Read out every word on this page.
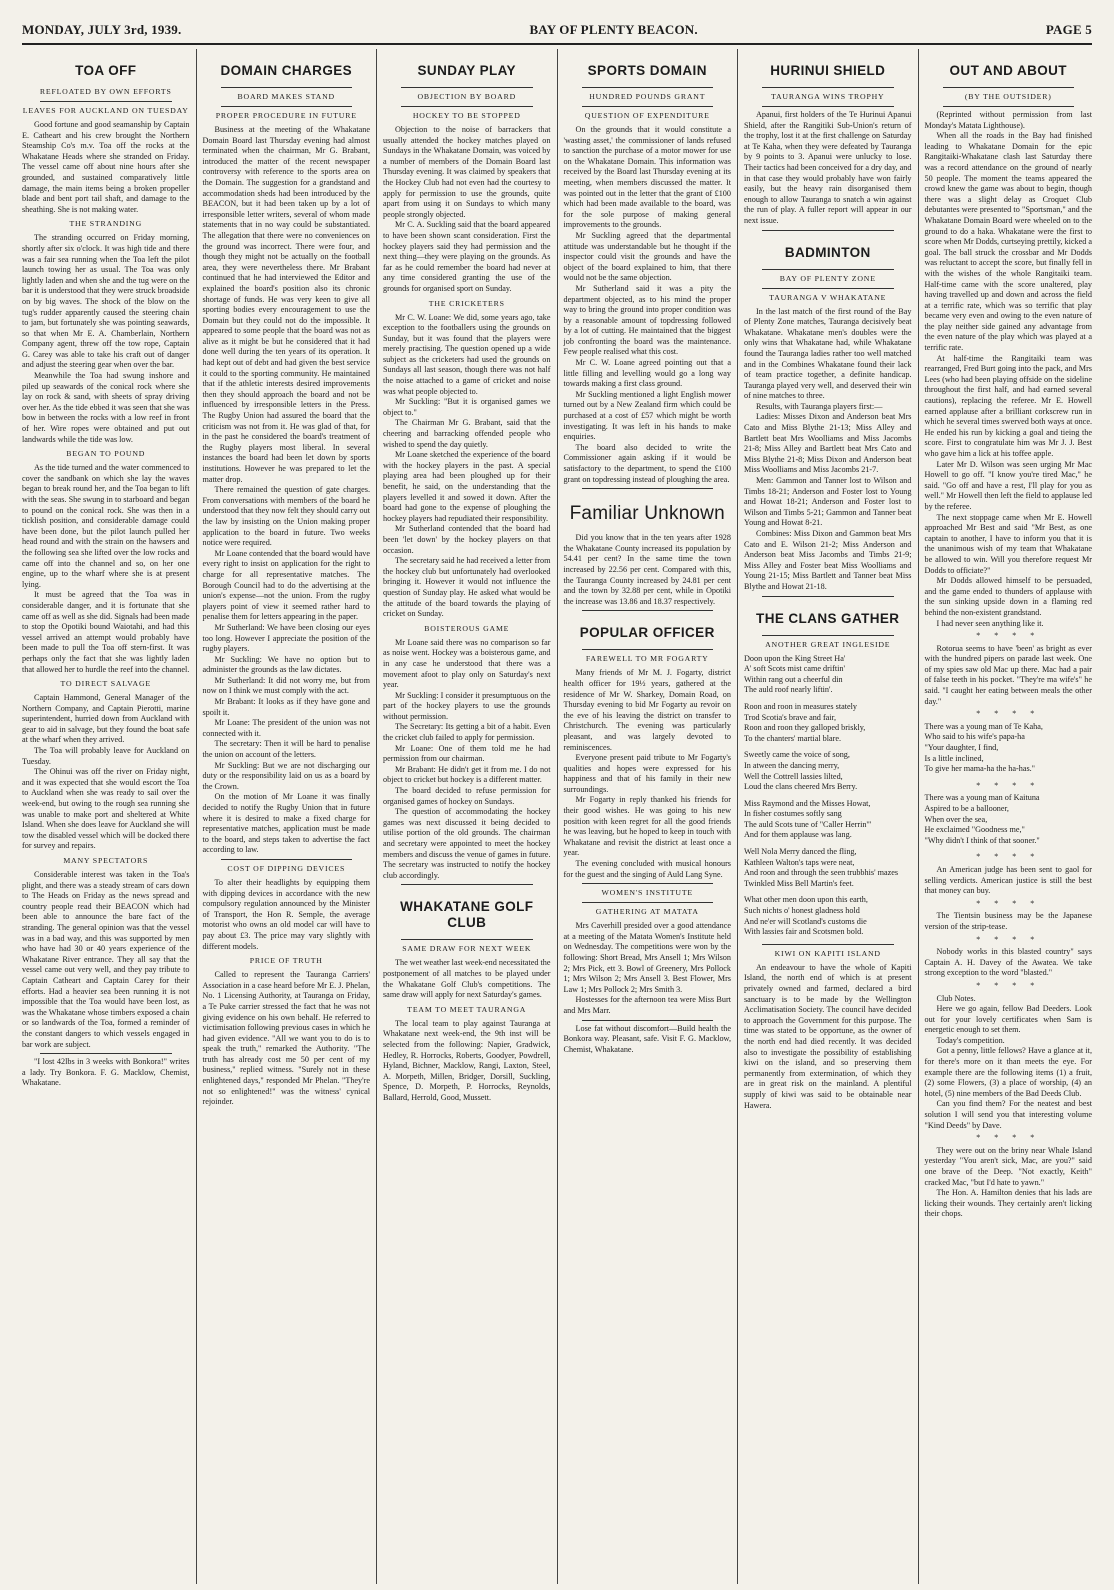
MONDAY, JULY 3rd, 1939.	BAY OF PLENTY BEACON.	PAGE 5
TOA OFF
REFLOATED BY OWN EFFORTS
LEAVES FOR AUCKLAND ON TUESDAY

Good fortune and good seamanship by Captain E. Catheart and his crew brought the Northern Steamship Co's m.v. Toa off the rocks at the Whakatane Heads where she stranded on Friday. The vessel came off about nine hours after she grounded, and sustained comparatively little damage, the main items being a broken propeller blade and bent port tail shaft, and damage to the sheathing. She is not making water.

THE STRANDING

The stranding occurred on Friday morning, shortly after six o'clock. It was high tide and there was a fair sea running when the Toa left the pilot launch towing her as usual. The Toa was only lightly laden and when she and the tug were on the bar it is understood that they were struck broadside on by big waves. The shock of the blow on the tug's rudder apparently caused the steering chain to jam, but fortunately she was pointing seawards, so that when Mr E. A. Chamberlain, Northern Company agent, threw off the tow rope, Captain G. Carey was able to take his craft out of danger and adjust the steering gear when over the bar.

Meanwhile the Toa had swung inshore and piled up seawards of the conical rock where she lay on rock & sand, with sheets of spray driving over her. As the tide ebbed it was seen that she was bow in between the rocks with a low reef in front of her. Wire ropes were obtained and put out landwards while the tide was low.

BEGAN TO POUND

As the tide turned and the water commenced to cover the sandbank on which she lay the waves began to break round her, and the Toa began to lift with the seas. She swung in to starboard and began to pound on the conical rock. She was then in a ticklish position, and considerable damage could have been done, but the pilot launch pulled her head round and with the strain on the hawsers and the following sea she lifted over the low rocks and came off into the channel and so, on her one engine, up to the wharf where she is at present lying.

It must be agreed that the Toa was in considerable danger, and it is fortunate that she came off as well as she did. Signals had been made to stop the Opotiki bound Waiotahi, and had this vessel arrived an attempt would probably have been made to pull the Toa off stern-first. It was perhaps only the fact that she was lightly laden that allowed her to hurdle the reef into the channel.

TO DIRECT SALVAGE

Captain Hammond, General Manager of the Northern Company, and Captain Pierotti, marine superintendent, hurried down from Auckland with gear to aid in salvage, but they found the boat safe at the wharf when they arrived.

The Toa will probably leave for Auckland on Tuesday.

The Ohinui was off the river on Friday night, and it was expected that she would escort the Toa to Auckland when she was ready to sail over the week-end, but owing to the rough sea running she was unable to make port and sheltered at White Island. When she does leave for Auckland she will tow the disabled vessel which will be docked there for survey and repairs.

MANY SPECTATORS

Considerable interest was taken in the Toa's plight, and there was a steady stream of cars down to The Heads on Friday as the news spread and country people read their BEACON which had been able to announce the bare fact of the stranding. The general opinion was that the vessel was in a bad way, and this was supported by men who have had 30 or 40 years experience of the Whakatane River entrance. They all say that the vessel came out very well, and they pay tribute to Captain Catheart and Captain Carey for their efforts. Had a heavier sea been running it is not impossible that the Toa would have been lost, as was the Whakatane whose timbers exposed a chain or so landwards of the Toa, formed a reminder of the constant dangers to which vessels engaged in bar work are subject.

"I lost 42lbs in 3 weeks with Bonkora!" writes a lady. Try Bonkora. F. G. Macklow, Chemist, Whakatane.

DOMAIN CHARGES
BOARD MAKES STAND
PROPER PROCEDURE IN FUTURE

Business at the meeting of the Whakatane Domain Board last Thursday evening had almost terminated when the chairman, Mr G. Brabant, introduced the matter of the recent newspaper controversy with reference to the sports area on the Domain. The suggestion for a grandstand and accommodation sheds had been introduced by the BEACON, but it had been taken up by a lot of irresponsible letter writers, several of whom made statements that in no way could be substantiated. The allegation that there were no conveniences on the ground was incorrect. There were four, and though they might not be actually on the football area, they were nevertheless there. Mr Brabant continued that he had interviewed the Editor and explained the board's position also its chronic shortage of funds. He was very keen to give all sporting bodies every encouragement to use the Domain but they could not do the impossible. It appeared to some people that the board was not as alive as it might be but he considered that it had done well during the ten years of its operation. It had kept out of debt and had given the best service it could to the sporting community. He maintained that if the athletic interests desired improvements then they should approach the board and not be influenced by irresponsible letters in the Press. The Rugby Union had assured the board that the criticism was not from it. He was glad of that, for in the past he considered the board's treatment of the Rugby players most liberal. In several instances the board had been let down by sports institutions. However he was prepared to let the matter drop.

There remained the question of gate charges. From conversations with members of the board he understood that they now felt they should carry out the law by insisting on the Union making proper application to the board in future. Two weeks notice were required.

Mr Loane contended that the board would have every right to insist on application for the right to charge for all representative matches. The Borough Council had to do the advertising at the union's expense—not the union. From the rugby players point of view it seemed rather hard to penalise them for letters appearing in the paper.

Mr Sutherland: We have been closing our eyes too long. However I appreciate the position of the rugby players.

Mr Suckling: We have no option but to administer the grounds as the law dictates.

Mr Sutherland: It did not worry me, but from now on I think we must comply with the act.

Mr Brabant: It looks as if they have gone and spoilt it.

Mr Loane: The president of the union was not connected with it.

The secretary: Then it will be hard to penalise the union on account of the letters.

Mr Suckling: But we are not discharging our duty or the responsibility laid on us as a board by the Crown.

On the motion of Mr Loane it was finally decided to notify the Rugby Union that in future where it is desired to make a fixed charge for representative matches, application must be made to the board, and steps taken to advertise the fact according to law.

COST OF DIPPING DEVICES

To alter their headlights by equipping them with dipping devices in accordance with the new compulsory regulation announced by the Minister of Transport, the Hon R. Semple, the average motorist who owns an old model car will have to pay about £3. The price may vary slightly with different models.

PRICE OF TRUTH

Called to represent the Tauranga Carriers' Association in a case heard before Mr E. J. Phelan, No. 1 Licensing Authority, at Tauranga on Friday, a Te Puke carrier stressed the fact that he was not giving evidence on his own behalf. He referred to victimisation following previous cases in which he had given evidence. "All we want you to do is to speak the truth," remarked the Authority. "The truth has already cost me 50 per cent of my business," replied witness. "Surely not in these enlightened days," responded Mr Phelan. "They're not so enlightened!" was the witness' cynical rejoinder.

SUNDAY PLAY
OBJECTION BY BOARD
HOCKEY TO BE STOPPED

Objection to the noise of barrackers that usually attended the hockey matches played on Sundays in the Whakatane Domain, was voiced by a number of members of the Domain Board last Thursday evening. It was claimed by speakers that the Hockey Club had not even had the courtesy to apply for permission to use the grounds, quite apart from using it on Sundays to which many people strongly objected.

Mr C. A. Suckling said that the board appeared to have been shown scant consideration. First the hockey players said they had permission and the next thing—they were playing on the grounds. As far as he could remember the board had never at any time considered granting the use of the grounds for organised sport on Sunday.

THE CRICKETERS

Mr C. W. Loane: We did, some years ago, take exception to the footballers using the grounds on Sunday, but it was found that the players were merely practising. The question opened up a wide subject as the cricketers had used the grounds on Sundays all last season, though there was not half the noise attached to a game of cricket and noise was what people objected to.

Mr Suckling: "But it is organised games we object to."

The Chairman Mr G. Brabant, said that the cheering and barracking offended people who wished to spend the day quietly.

Mr Loane sketched the experience of the board with the hockey players in the past. A special playing area had been ploughed up for their benefit, he said, on the understanding that the players levelled it and sowed it down. After the board had gone to the expense of ploughing the hockey players had repudiated their responsibility.

Mr Sutherland contended that the board had been 'let down' by the hockey players on that occasion.

The secretary said he had received a letter from the hockey club but unfortunately had overlooked bringing it. However it would not influence the question of Sunday play. He asked what would be the attitude of the board towards the playing of cricket on Sunday.

BOISTEROUS GAME

Mr Loane said there was no comparison so far as noise went. Hockey was a boisterous game, and in any case he understood that there was a movement afoot to play only on Saturday's next year.

Mr Suckling: I consider it presumptuous on the part of the hockey players to use the grounds without permission.

The Secretary: Its getting a bit of a habit. Even the cricket club failed to apply for permission.

Mr Loane: One of them told me he had permission from our chairman.

Mr Brabant: He didn't get it from me. I do not object to cricket but hockey is a different matter.

The board decided to refuse permission for organised games of hockey on Sundays.

The question of accommodating the hockey games was next discussed it being decided to utilise portion of the old grounds. The chairman and secretary were appointed to meet the hockey members and discuss the venue of games in future. The secretary was instructed to notify the hockey club accordingly.

WHAKATANE GOLF CLUB
SAME DRAW FOR NEXT WEEK

The wet weather last week-end necessitated the postponement of all matches to be played under the Whakatane Golf Club's competitions. The same draw will apply for next Saturday's games.

TEAM TO MEET TAURANGA

The local team to play against Tauranga at Whakatane next week-end, the 9th inst will be selected from the following: Napier, Gradwick, Hedley, R. Horrocks, Roberts, Goodyer, Powdrell, Hyland, Bichner, Macklow, Rangi, Laxton, Steel, A. Morpeth, Millen, Bridger, Dorsill, Suckling, Spence, D. Morpeth, P. Horrocks, Reynolds, Ballard, Herrold, Good, Mussett.

SPORTS DOMAIN
HUNDRED POUNDS GRANT
QUESTION OF EXPENDITURE

On the grounds that it would constitute a 'wasting asset,' the commissioner of lands refused to sanction the purchase of a motor mower for use on the Whakatane Domain. This information was received by the Board last Thursday evening at its meeting, when members discussed the matter. It was pointed out in the letter that the grant of £100 which had been made available to the board, was for the sole purpose of making general improvements to the grounds.

Mr Suckling agreed that the departmental attitude was understandable but he thought if the inspector could visit the grounds and have the object of the board explained to him, that there would not be the same objection.

Mr Sutherland said it was a pity the department objected, as to his mind the proper way to bring the ground into proper condition was by a reasonable amount of topdressing followed by a lot of cutting. He maintained that the biggest job confronting the board was the maintenance. Few people realised what this cost.

Mr C. W. Loane agreed pointing out that a little filling and levelling would go a long way towards making a first class ground.

Mr Suckling mentioned a light English mower turned out by a New Zealand firm which could be purchased at a cost of £57 which might be worth investigating. It was left in his hands to make enquiries.

The board also decided to write the Commissioner again asking if it would be satisfactory to the department, to spend the £100 grant on topdressing instead of ploughing the area.

Familiar Unknown

Did you know that in the ten years after 1928 the Whakatane County increased its population by 54.41 per cent? In the same time the town increased by 22.56 per cent. Compared with this, the Tauranga County increased by 24.81 per cent and the town by 32.88 per cent, while in Opotiki the increase was 13.86 and 18.37 respectively.

POPULAR OFFICER
FAREWELL TO MR FOGARTY

Many friends of Mr M. J. Fogarty, district health officer for 19½ years, gathered at the residence of Mr W. Sharkey, Domain Road, on Thursday evening to bid Mr Fogarty au revoir on the eve of his leaving the district on transfer to Christchurch. The evening was particularly pleasant, and was largely devoted to reminiscences.

Everyone present paid tribute to Mr Fogarty's qualities and hopes were expressed for his happiness and that of his family in their new surroundings.

Mr Fogarty in reply thanked his friends for their good wishes. He was going to his new position with keen regret for all the good friends he was leaving, but he hoped to keep in touch with Whakatane and revisit the district at least once a year.

The evening concluded with musical honours for the guest and the singing of Auld Lang Syne.

WOMEN'S INSTITUTE
GATHERING AT MATATA

Mrs Caverhill presided over a good attendance at a meeting of the Matata Women's Institute held on Wednesday. The competitions were won by the following: Short Bread, Mrs Ansell 1; Mrs Wilson 2; Mrs Pick, ett 3. Bowl of Greenery, Mrs Pollock 1; Mrs Wilson 2; Mrs Ansell 3. Best Flower, Mrs Law 1; Mrs Pollock 2; Mrs Smith 3.

Hostesses for the afternoon tea were Miss Burt and Mrs Marr.

Lose fat without discomfort—Build health the Bonkora way. Pleasant, safe. Visit F. G. Macklow, Chemist, Whakatane.

HURINUI SHIELD
TAURANGA WINS TROPHY

Apanui, first holders of the Te Hurinui Apanui Shield, after the Rangitiki Sub-Union's return of the trophy, lost it at the first challenge on Saturday at Te Kaha, when they were defeated by Tauranga by 9 points to 3. Apanui were unlucky to lose. Their tactics had been conceived for a dry day, and in that case they would probably have won fairly easily, but the heavy rain disorganised them enough to allow Tauranga to snatch a win against the run of play. A fuller report will appear in our next issue.

BADMINTON
BAY OF PLENTY ZONE
TAURANGA V WHAKATANE

In the last match of the first round of the Bay of Plenty Zone matches, Tauranga decisively beat Whakatane. Whakatane men's doubles were the only wins that Whakatane had, while Whakatane found the Tauranga ladies rather too well matched and in the Combines Whakatane found their lack of team practice together, a definite handicap. Tauranga played very well, and deserved their win of nine matches to three.

Results, with Tauranga players first:—

Ladies: Misses Dixon and Anderson beat Mrs Cato and Miss Blythe 21-13; Miss Alley and Bartlett beat Mrs Woolliams and Miss Jacombs 21-8; Miss Alley and Bartlett beat Mrs Cato and Miss Blythe 21-8; Miss Dixon and Anderson beat Miss Woolliams and Miss Jacombs 21-7.

Men: Gammon and Tanner lost to Wilson and Timbs 18-21; Anderson and Foster lost to Young and Howat 18-21; Anderson and Foster lost to Wilson and Timbs 5-21; Gammon and Tanner beat Young and Howat 8-21.

Combines: Miss Dixon and Gammon beat Mrs Cato and E. Wilson 21-2; Miss Anderson and Anderson beat Miss Jacombs and Timbs 21-9; Miss Alley and Foster beat Miss Woolliams and Young 21-15; Miss Bartlett and Tanner beat Miss Blythe and Howat 21-18.

THE CLANS GATHER
ANOTHER GREAT INGLESIDE

Doon upon the King Street Ha'
A' soft Scots mist came driftin'
Within rang out a cheerful din
The auld roof nearly liftin'.

Roon and roon in measures stately
Trod Scotia's brave and fair,
Roon and roon they galloped briskly,
To the chanters' martial blare.

Sweetly came the voice of song,
In atween the dancing merry,
Well the Cottrell lassies lilted,
Loud the clans cheered Mrs Berry.

Miss Raymond and the Misses Howat,
In fisher costumes softly sang
The auld Scots tune of "Caller Herrin'"
And for them applause was lang.

Well Nola Merry danced the fling,
Kathleen Walton's taps were neat,
And roon and through the seen trubbhis' mazes
Twinkled Miss Bell Martin's feet.

What other men doon upon this earth,
Such nichts o' honest gladness hold
And ne'er will Scotland's customs die
With lassies fair and Scotsmen bold.

KIWI ON KAPITI ISLAND

An endeavour to have the whole of Kapiti Island, the north end of which is at present privately owned and farmed, declared a bird sanctuary is to be made by the Wellington Acclimatisation Society. The council have decided to approach the Government for this purpose. The time was stated to be opportune, as the owner of the north end had died recently. It was decided also to investigate the possibility of establishing kiwi on the island, and so preserving them permanently from extermination, of which they are in great risk on the mainland. A plentiful supply of kiwi was said to be obtainable near Hawera.

OUT AND ABOUT
(BY THE OUTSIDER)

(Reprinted without permission from last Monday's Matata Lighthouse).

When all the roads in the Bay had finished leading to Whakatane Domain for the epic Rangitaiki-Whakatane clash last Saturday there was a record attendance on the ground of nearly 50 people. The moment the teams appeared the crowd knew the game was about to begin, though there was a slight delay as Croquet Club debutantes were presented to "Sportsman," and the Whakatane Domain Board were wheeled on to the ground to do a haka. Whakatane were the first to score when Mr Dodds, curtseying prettily, kicked a goal. The ball struck the crossbar and Mr Dodds was reluctant to accept the score, but finally fell in with the wishes of the whole Rangitaiki team. Half-time came with the score unaltered, play having travelled up and down and across the field at a terrific rate, which was so terrific that play became very even and owing to the even nature of the play neither side gained any advantage from the even nature of the play which was played at a terrific rate.

At half-time the Rangitaiki team was rearranged, Fred Burt going into the pack, and Mrs Lees (who had been playing offside on the sideline throughout the first half, and had earned several cautions), replacing the referee. Mr E. Howell earned applause after a brilliant corkscrew run in which he several times swerved both ways at once. He ended his run by kicking a goal and tieing the score. First to congratulate him was Mr J. J. Best who gave him a lick at his toffee apple.

Later Mr D. Wilson was seen urging Mr Mac Howell to go off. "I know you're tired Mac," he said. "Go off and have a rest, I'll play for you as well." Mr Howell then left the field to applause led by the referee.

The next stoppage came when Mr E. Howell approached Mr Best and said "Mr Best, as one captain to another, I have to inform you that it is the unanimous wish of my team that Whakatane be allowed to win. Will you therefore request Mr Dodds to officiate?"

Mr Dodds allowed himself to be persuaded, and the game ended to thunders of applause with the sun sinking upside down in a flaming red behind the non-existent grandstand.

I had never seen anything like it.

* * * *

Rotorua seems to have 'been' as bright as ever with the hundred pipers on parade last week. One of my spies saw old Mac up there. Mac had a pair of false teeth in his pocket. "They're ma wife's" he said. "I caught her eating between meals the other day."

* * * *

There was a young man of Te Kaha,
Who said to his wife's papa-ha
"Your daughter, I find,
Is a little inclined,
To give her mama-ha the ha-has."

* * * *

There was a young man of Kaituna
Aspired to be a ballooner,
When over the sea,
He exclaimed "Goodness me,"
"Why didn't I think of that sooner."

* * * *

An American judge has been sent to gaol for selling verdicts. American justice is still the best that money can buy.

* * * *

The Tientsin business may be the Japanese version of the strip-tease.

* * * *

Nobody works in this blasted country" says Captain A. H. Davey of the Awatea. We take strong exception to the word "blasted."

* * * *

Club Notes.

Here we go again, fellow Bad Deeders. Look out for your lovely certificates when Sam is energetic enough to set them.

Today's competition.

Got a penny, little fellows? Have a glance at it, for there's more on it than meets the eye. For example there are the following items (1) a fruit, (2) some Flowers, (3) a place of worship, (4) an hotel, (5) nine members of the Bad Deeds Club.

Can you find them? For the neatest and best solution I will send you that interesting volume "Kind Deeds" by Dave.

* * * *

They were out on the briny near Whale Island yesterday "You aren't sick, Mac, are you?" said one brave of the Deep. "Not exactly, Keith" cracked Mac, "but I'd hate to yawn."

The Hon. A. Hamilton denies that his lads are licking their wounds. They certainly aren't licking their chops.
